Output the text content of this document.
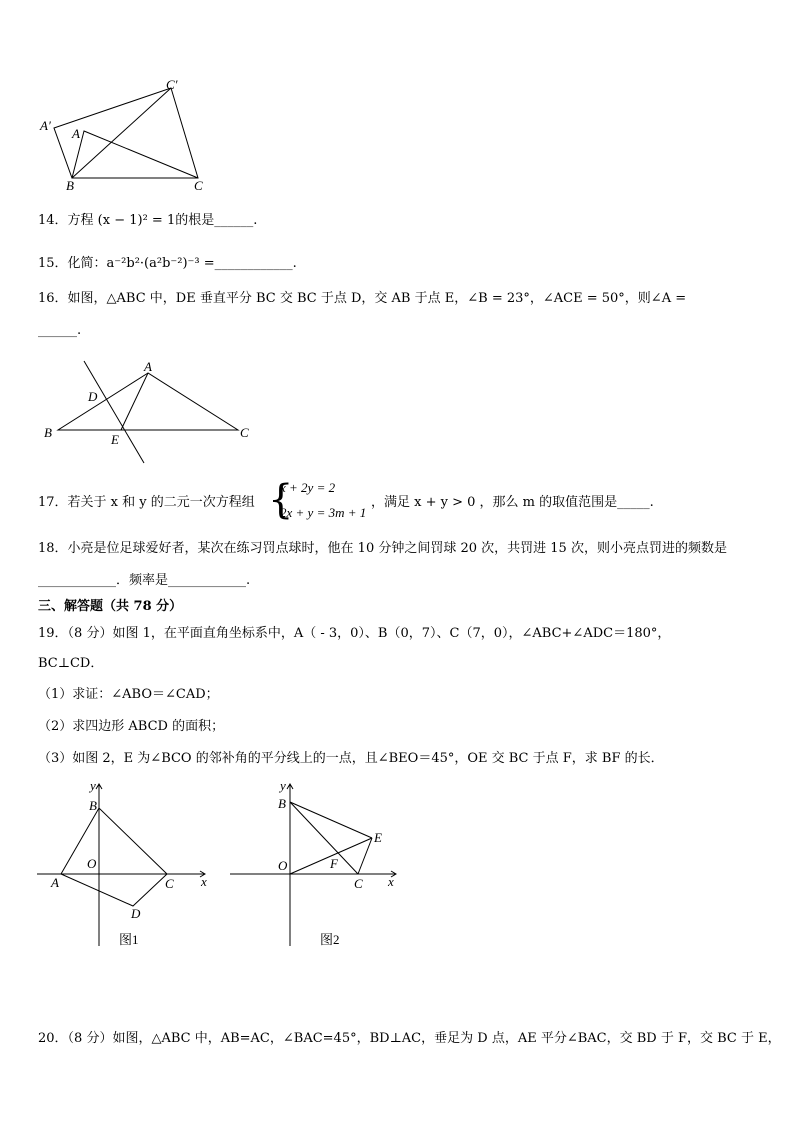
A′
A
B	C
C′
14．方程 (x − 1)² = 1的根是______.
15．化简：a⁻²b²·(a²b⁻²)⁻³ =____________.
16．如图，△ABC 中，DE 垂直平分 BC 交 BC 于点 D，交 AB 于点 E，∠B = 23°，∠ACE = 50°，则∠A =
______.
A
D
B	E	C
17．若关于 x 和 y 的二元一次方程组 {
x + 2y = 2
2x + y = 3m + 1
，满足 x + y > 0 ，那么 m 的取值范围是_____.
18．小亮是位足球爱好者，某次在练习罚点球时，他在 10 分钟之间罚球 20 次，共罚进 15 次，则小亮点罚进的频数是
____________．频率是____________.
三、解答题（共 78 分）
19．（8 分）如图 1，在平面直角坐标系中，A（ - 3，0）、B（0，7）、C（7，0），∠ABC+∠ADC＝180°，
BC⊥CD．
（1）求证：∠ABO＝∠CAD；
（2）求四边形 ABCD 的面积；
（3）如图 2，E 为∠BCO 的邻补角的平分线上的一点，且∠BEO＝45°，OE 交 BC 于点 F，求 BF 的长．
y
B
O
A	C x
D
图1
y
B
E
O	F
C x
图2
20．（8 分）如图，△ABC 中，AB=AC，∠BAC=45°，BD⊥AC，垂足为 D 点，AE 平分∠BAC，交 BD 于 F，交 BC 于 E，
